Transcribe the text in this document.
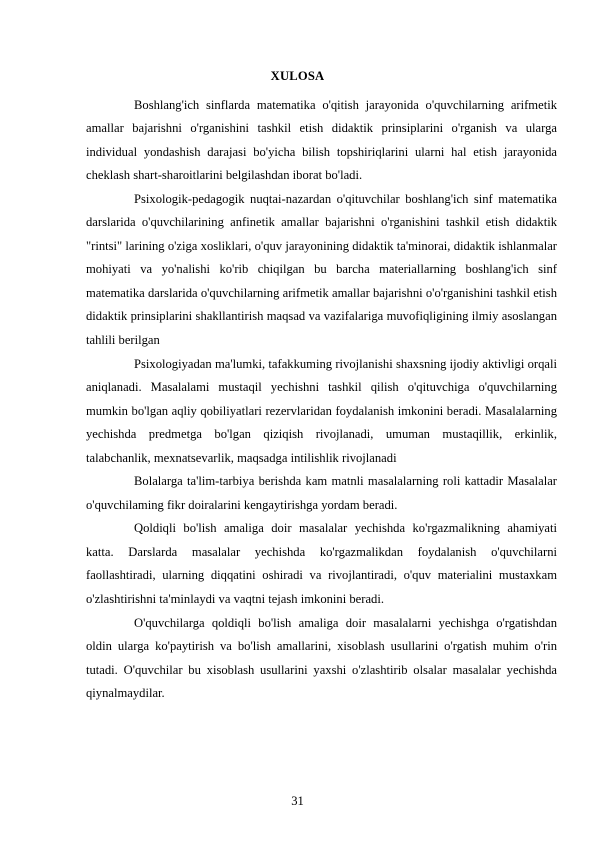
XULOSA

Boshlang'ich sinflarda matematika o'qitish jarayonida o'quvchilarning arifmetik amallar bajarishni o'rganishini tashkil etish didaktik prinsiplarini o'rganish va ularga individual yondashish darajasi bo'yicha bilish topshiriqlarini ularni hal etish jarayonida cheklash shart-sharoitlarini belgilashdan iborat bo'ladi.

Psixologik-pedagogik nuqtai-nazardan o'qituvchilar boshlang'ich sinf matematika darslarida o'quvchilarining anfinetik amallar bajarishni o'rganishini tashkil etish didaktik "rintsi" larining o'ziga xosliklari, o'quv jarayonining didaktik ta'minorai, didaktik ishlanmalar mohiyati va yo'nalishi ko'rib chiqilgan bu barcha materiallarning boshlang'ich sinf matematika darslarida o'quvchilarning arifmetik amallar bajarishni o'o'rganishini tashkil etish didaktik prinsiplarini shakllantirish maqsad va vazifalariga muvofiqligining ilmiy asoslangan tahlili berilgan

Psixologiyadan ma'lumki, tafakkuming rivojlanishi shaxsning ijodiy aktivligi orqali aniqlanadi. Masalalami mustaqil yechishni tashkil qilish o'qituvchiga o'quvchilarning mumkin bo'lgan aqliy qobiliyatlari rezervlaridan foydalanish imkonini beradi. Masalalarning yechishda predmetga bo'lgan qiziqish rivojlanadi, umuman mustaqillik, erkinlik, talabchanlik, mexnatsevarlik, maqsadga intilishlik rivojlanadi

Bolalarga ta'lim-tarbiya berishda kam matnli masalalarning roli kattadir Masalalar o'quvchilaming fikr doiralarini kengaytirishga yordam beradi.

Qoldiqli bo'lish amaliga doir masalalar yechishda ko'rgazmalikning ahamiyati katta. Darslarda masalalar yechishda ko'rgazmalikdan foydalanish o'quvchilarni faollashtiradi, ularning diqqatini oshiradi va rivojlantiradi, o'quv materialini mustaxkam o'zlashtirishni ta'minlaydi va vaqtni tejash imkonini beradi.

O'quvchilarga qoldiqli bo'lish amaliga doir masalalarni yechishga o'rgatishdan oldin ularga ko'paytirish va bo'lish amallarini, xisoblash usullarini o'rgatish muhim o'rin tutadi. O'quvchilar bu xisoblash usullarini yaxshi o'zlashtirib olsalar masalalar yechishda qiynalmaydilar.

31
